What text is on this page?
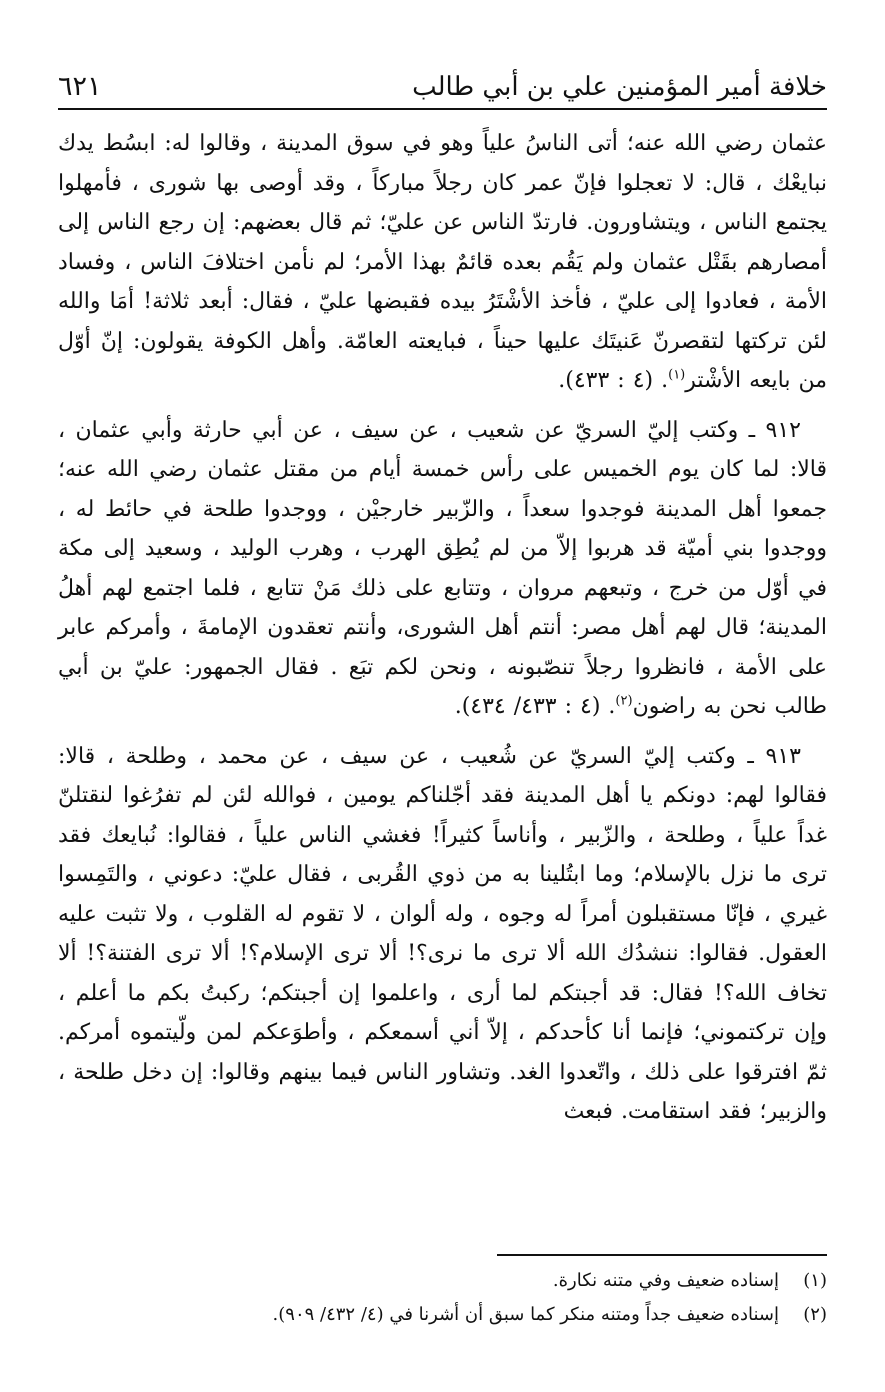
خلافة أمير المؤمنين علي بن أبي طالب
٦٢١

عثمان رضي الله عنه؛ أتى الناسُ علياً وهو في سوق المدينة ، وقالوا له: ابسُط يدك نبايعْك ، قال: لا تعجلوا فإنّ عمر كان رجلاً مباركاً ، وقد أوصى بها شورى ، فأمهلوا يجتمع الناس ، ويتشاورون. فارتدّ الناس عن عليّ؛ ثم قال بعضهم: إن رجع الناس إلى أمصارهم بقَتْل عثمان ولم يَقُم بعده قائمٌ بهذا الأمر؛ لم نأمن اختلافَ الناس ، وفساد الأمة ، فعادوا إلى عليّ ، فأخذ الأشْتَرُ بيده فقبضها عليّ ، فقال: أبعد ثلاثة! أمَا والله لئن تركتها لتقصرنّ عَنيتَك عليها حيناً ، فبايعته العامّة. وأهل الكوفة يقولون: إنّ أوّل من بايعه الأشْتر$^{(١)}$. (٤ : ٤٣٣).

٩١٢ ـ وكتب إليّ السريّ عن شعيب ، عن سيف ، عن أبي حارثة وأبي عثمان ، قالا: لما كان يوم الخميس على رأس خمسة أيام من مقتل عثمان رضي الله عنه؛ جمعوا أهل المدينة فوجدوا سعداً ، والزّبير خارجيْن ، ووجدوا طلحة في حائط له ، ووجدوا بني أميّة قد هربوا إلاّ من لم يُطِق الهرب ، وهرب الوليد ، وسعيد إلى مكة في أوّل من خرج ، وتبعهم مروان ، وتتابع على ذلك مَنْ تتابع ، فلما اجتمع لهم أهلُ المدينة؛ قال لهم أهل مصر: أنتم أهل الشورى، وأنتم تعقدون الإمامةَ ، وأمركم عابر على الأمة ، فانظروا رجلاً تنصّبونه ، ونحن لكم تبَع . فقال الجمهور: عليّ بن أبي طالب نحن به راضون$^{(٢)}$. (٤ : ٤٣٣/ ٤٣٤).

٩١٣ ـ وكتب إليّ السريّ عن شُعيب ، عن سيف ، عن محمد ، وطلحة ، قالا: فقالوا لهم: دونكم يا أهل المدينة فقد أجّلناكم يومين ، فوالله لئن لم تفرُغوا لنقتلنّ غداً علياً ، وطلحة ، والزّبير ، وأناساً كثيراً! فغشي الناس علياً ، فقالوا: نُبايعك فقد ترى ما نزل بالإسلام؛ وما ابتُلينا به من ذوي القُربى ، فقال عليّ: دعوني ، والتَمِسوا غيري ، فإنّا مستقبلون أمراً له وجوه ، وله ألوان ، لا تقوم له القلوب ، ولا تثبت عليه العقول. فقالوا: ننشدُك الله ألا ترى ما نرى؟! ألا ترى الإسلام؟! ألا ترى الفتنة؟! ألا تخاف الله؟! فقال: قد أجبتكم لما أرى ، واعلموا إن أجبتكم؛ ركبتُ بكم ما أعلم ، وإن تركتموني؛ فإنما أنا كأحدكم ، إلاّ أني أسمعكم ، وأطوَعكم لمن ولّيتموه أمركم. ثمّ افترقوا على ذلك ، واتّعدوا الغد. وتشاور الناس فيما بينهم وقالوا: إن دخل طلحة ، والزبير؛ فقد استقامت. فبعث

(١)
إسناده ضعيف وفي متنه نكارة.
(٢)
إسناده ضعيف جداً ومتنه منكر كما سبق أن أشرنا في (٤/ ٤٣٢/ ٩٠٩).
